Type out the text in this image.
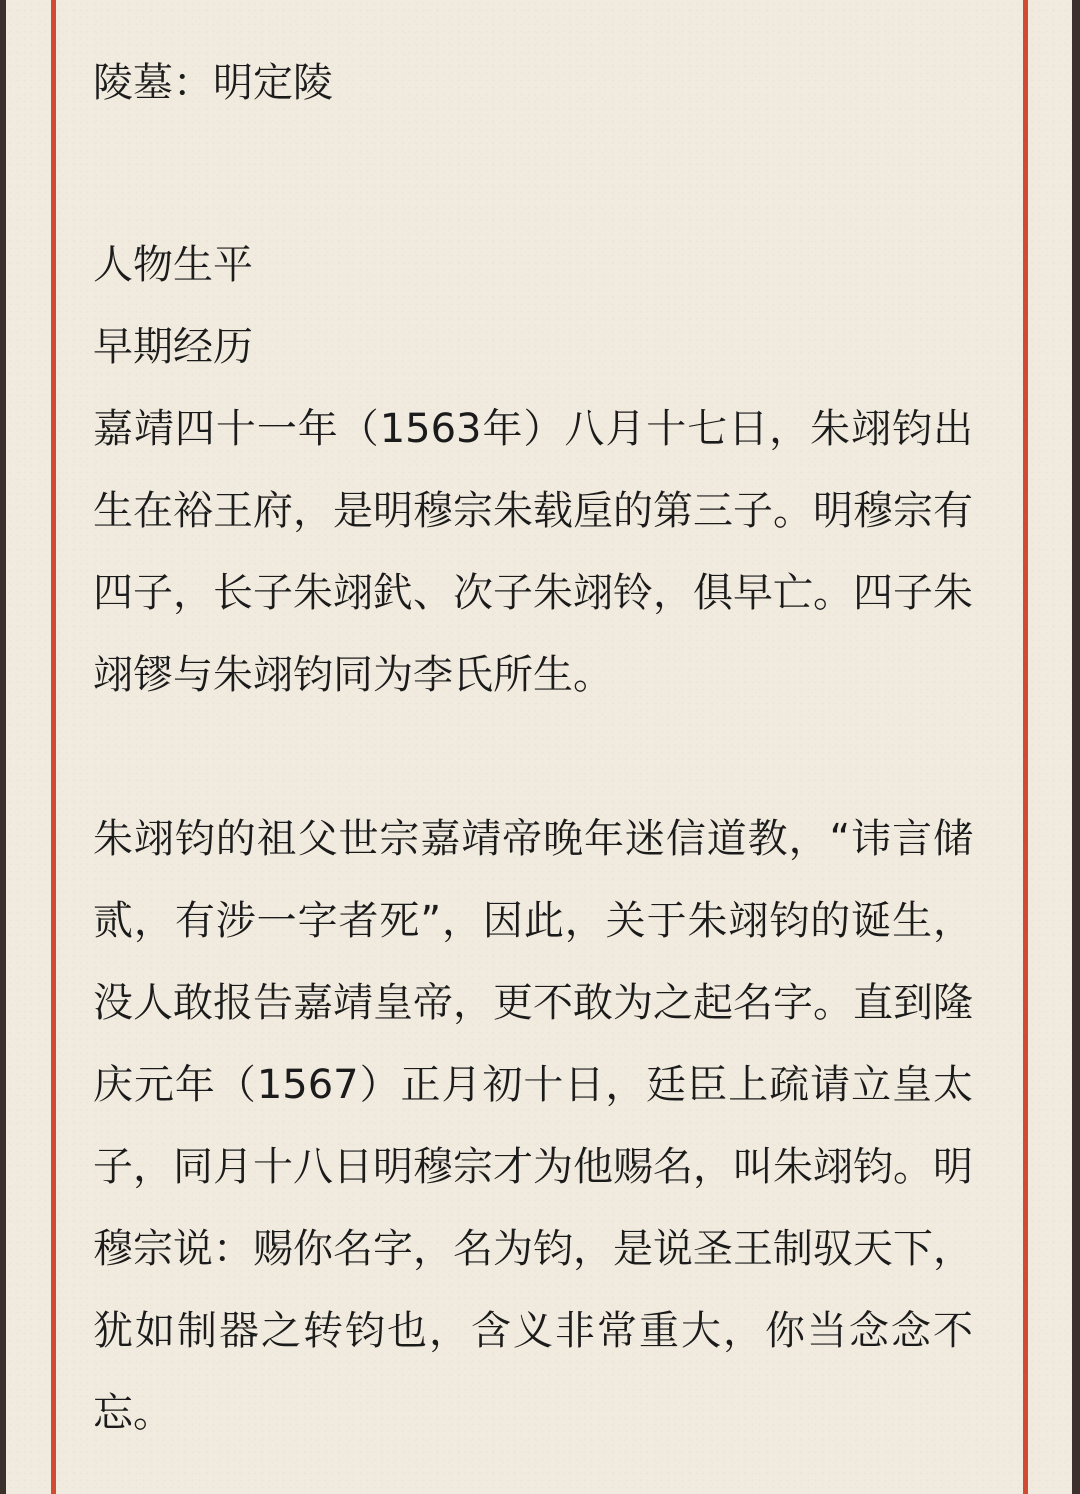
陵墓：明定陵

人物生平

早期经历

嘉靖四十一年（1563年）八月十七日，朱翊钧出生在裕王府，是明穆宗朱载垕的第三子。明穆宗有四子，长子朱翊釴、次子朱翊铃，俱早亡。四子朱翊镠与朱翊钧同为李氏所生。

朱翊钧的祖父世宗嘉靖帝晚年迷信道教，“讳言储贰，有涉一字者死”，因此，关于朱翊钧的诞生，没人敢报告嘉靖皇帝，更不敢为之起名字。直到隆庆元年（1567）正月初十日，廷臣上疏请立皇太子，同月十八日明穆宗才为他赐名，叫朱翊钧。明穆宗说：赐你名字，名为钧，是说圣王制驭天下，犹如制器之转钧也，含义非常重大，你当念念不忘。
